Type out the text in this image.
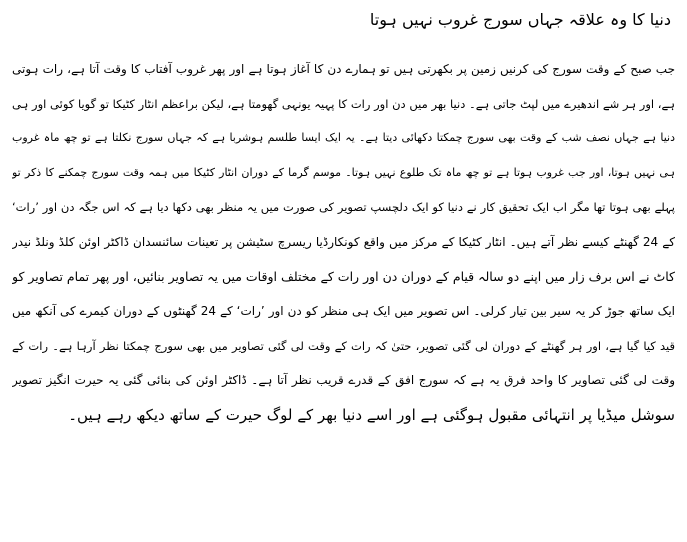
دنیا کا وہ علاقہ جہاں سورج غروب نہیں ہوتا
جب صبح کے وقت سورج کی کرنیں زمین پر بکھرتی ہیں تو ہمارے دن کا آغاز ہوتا ہے اور پھر غروب آفتاب کا وقت آتا ہے، رات ہوتی
ہے، اور ہر شے اندھیرے میں لپٹ جاتی ہے۔ دنیا بھر میں دن اور رات کا پہیہ یونہی گھومتا ہے، لیکن براعظم انٹار کٹیکا تو گویا کوئی اور ہی
دنیا ہے جہاں نصف شب کے وقت بھی سورج چمکتا دکھائی دیتا ہے۔ یہ ایک ایسا طلسم ہوشربا ہے کہ جہاں سورج نکلتا ہے تو چھ ماہ غروب
ہی نہیں ہوتا، اور جب غروب ہوتا ہے تو چھ ماہ تک طلوع نہیں ہوتا۔ موسم گرما کے دوران انٹار کٹیکا میں ہمہ وقت سورج چمکنے کا ذکر تو
پہلے بھی ہوتا تھا مگر اب ایک تحقیق کار نے دنیا کو ایک دلچسپ تصویر کی صورت میں یہ منظر بھی دکھا دیا ہے کہ اس جگہ دن اور ’رات‘
کے 24 گھنٹے کیسے نظر آتے ہیں۔ انٹار کٹیکا کے مرکز میں واقع کونکارڈیا ریسرچ سٹیشن پر تعینات سائنسدان ڈاکٹر اوئن کلڈ ونلڈ نیدر
کاٹ نے اس برف زار میں اپنے دو سالہ قیام کے دوران دن اور رات کے مختلف اوقات میں یہ تصاویر بنائیں، اور پھر تمام تصاویر کو
ایک ساتھ جوڑ کر یہ سیر بین تیار کرلی۔ اس تصویر میں ایک ہی منظر کو دن اور ’رات‘ کے 24 گھنٹوں کے دوران کیمرے کی آنکھ میں
قید کیا گیا ہے، اور ہر گھنٹے کے دوران لی گئی تصویر، حتیٰ کہ رات کے وقت لی گئی تصاویر میں بھی سورج چمکتا نظر آرہا ہے۔ رات کے
وقت لی گئی تصاویر کا واحد فرق یہ ہے کہ سورج افق کے قدرے قریب نظر آتا ہے۔ ڈاکٹر اوئن کی بنائی گئی یہ حیرت انگیز تصویر
سوشل میڈیا پر انتہائی مقبول ہوگئی ہے اور اسے دنیا بھر کے لوگ حیرت کے ساتھ دیکھ رہے ہیں۔
